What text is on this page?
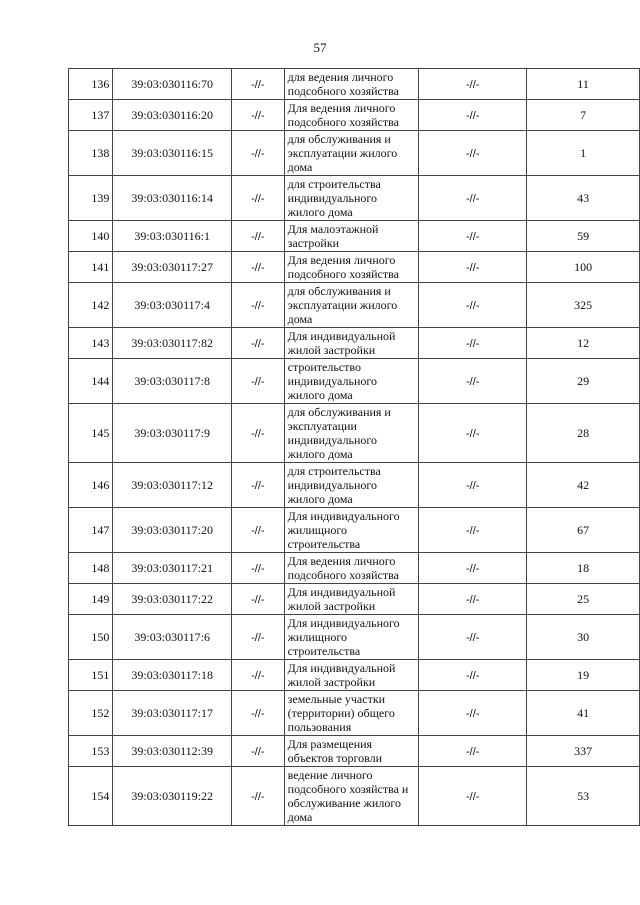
57
136	39:03:030116:70	-//-	для ведения личного подсобного хозяйства	-//-	11
137	39:03:030116:20	-//-	Для ведения личного подсобного хозяйства	-//-	7
138	39:03:030116:15	-//-	для обслуживания и эксплуатации жилого дома	-//-	1
139	39:03:030116:14	-//-	для строительства индивидуального жилого дома	-//-	43
140	39:03:030116:1	-//-	Для малоэтажной застройки	-//-	59
141	39:03:030117:27	-//-	Для ведения личного подсобного хозяйства	-//-	100
142	39:03:030117:4	-//-	для обслуживания и эксплуатации жилого дома	-//-	325
143	39:03:030117:82	-//-	Для индивидуальной жилой застройки	-//-	12
144	39:03:030117:8	-//-	строительство индивидуального жилого дома	-//-	29
145	39:03:030117:9	-//-	для обслуживания и эксплуатации индивидуального жилого дома	-//-	28
146	39:03:030117:12	-//-	для строительства индивидуального жилого дома	-//-	42
147	39:03:030117:20	-//-	Для индивидуального жилищного строительства	-//-	67
148	39:03:030117:21	-//-	Для ведения личного подсобного хозяйства	-//-	18
149	39:03:030117:22	-//-	Для индивидуальной жилой застройки	-//-	25
150	39:03:030117:6	-//-	Для индивидуального жилищного строительства	-//-	30
151	39:03:030117:18	-//-	Для индивидуальной жилой застройки	-//-	19
152	39:03:030117:17	-//-	земельные участки (территории) общего пользования	-//-	41
153	39:03:030112:39	-//-	Для размещения объектов торговли	-//-	337
154	39:03:030119:22	-//-	ведение личного подсобного хозяйства и обслуживание жилого дома	-//-	53
